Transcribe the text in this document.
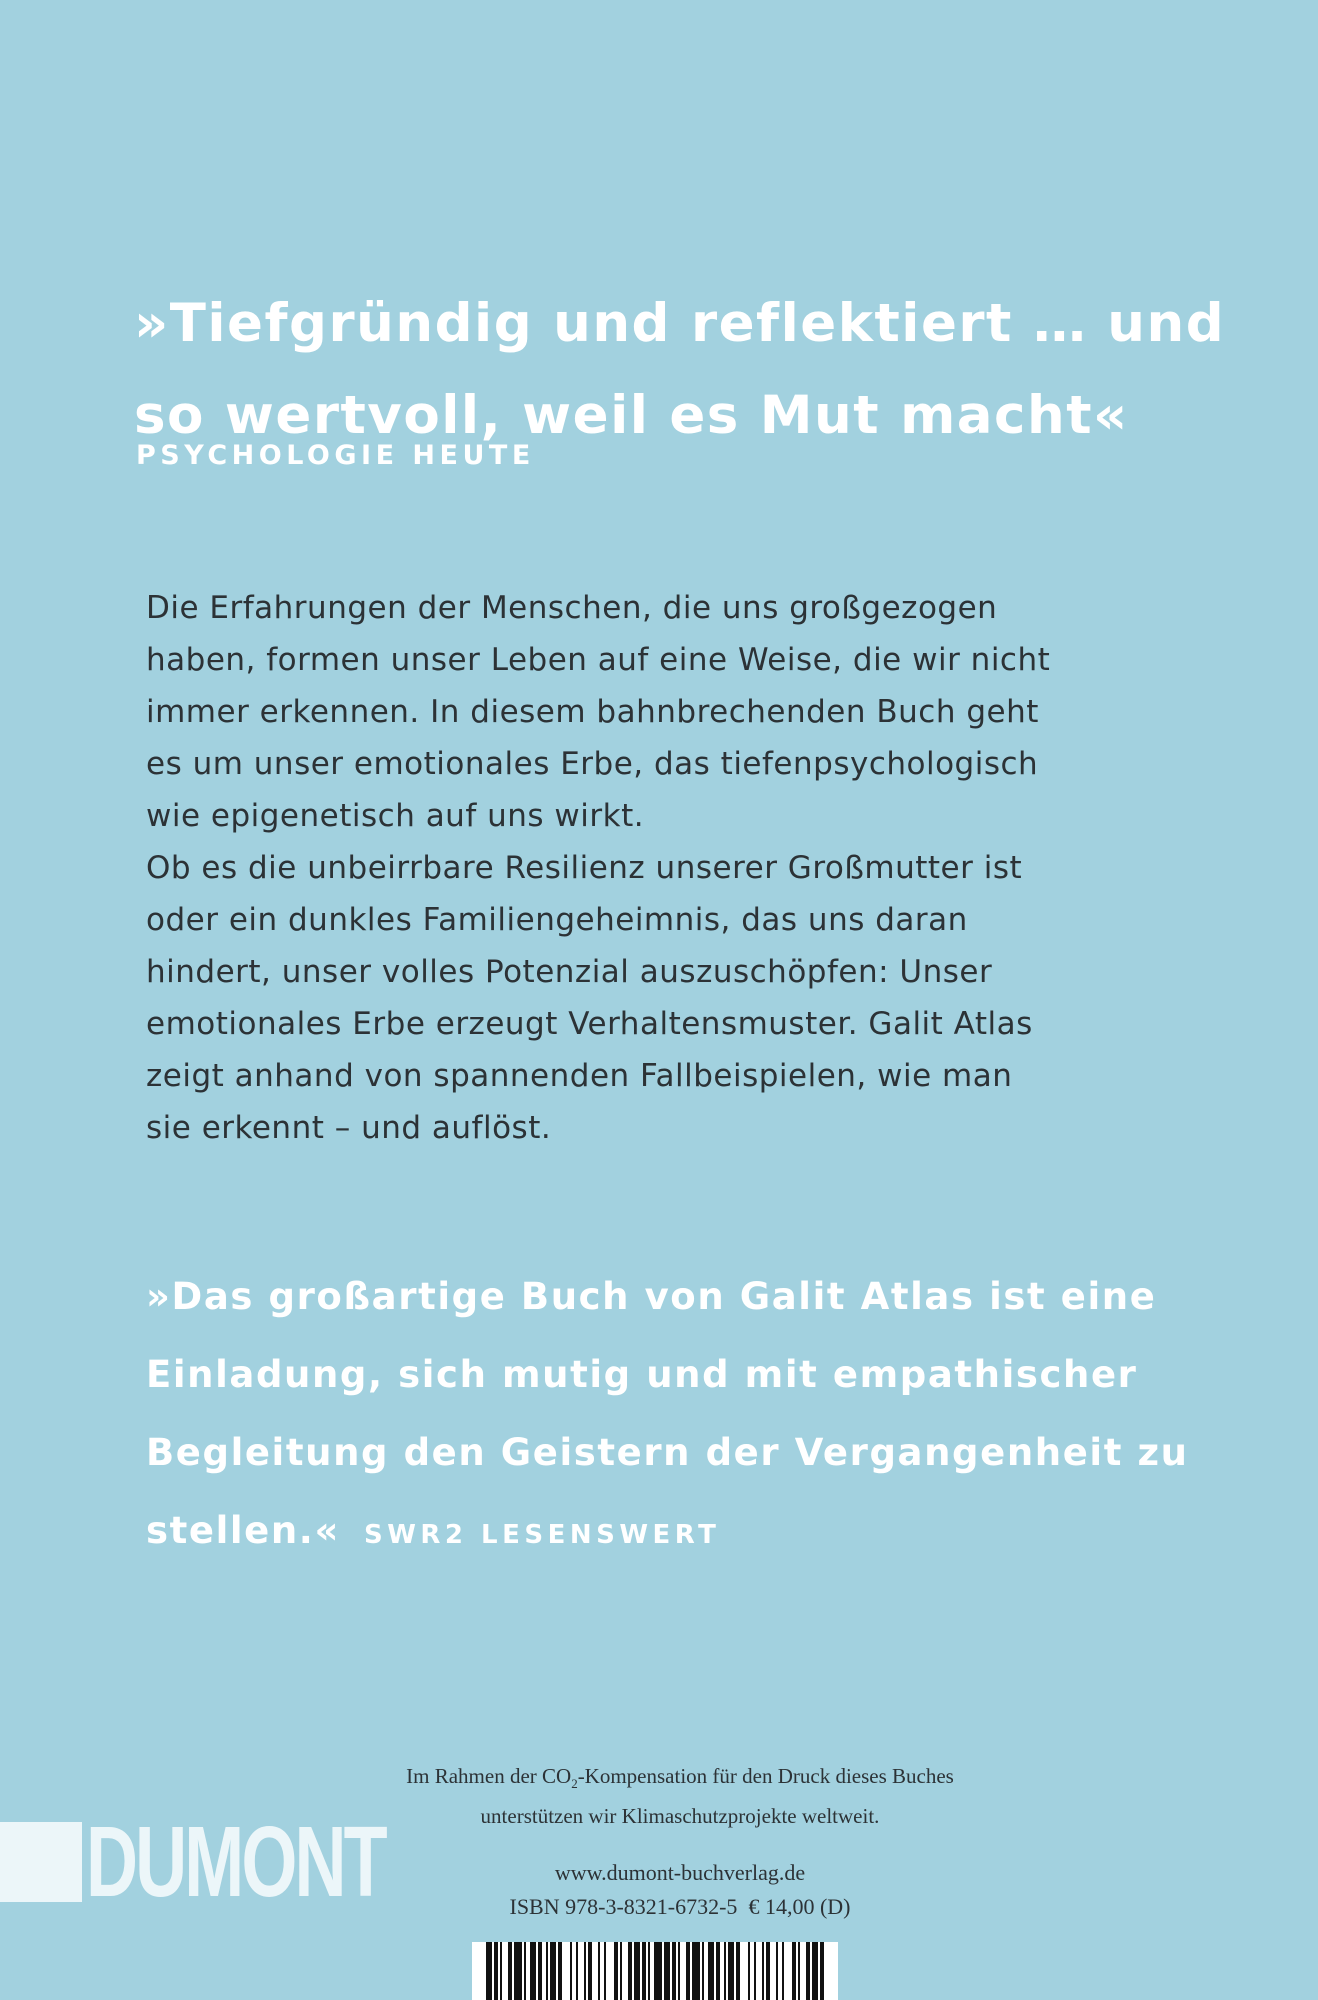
»Tiefgründig und reflektiert … und
so wertvoll, weil es Mut macht«
PSYCHOLOGIE HEUTE
Die Erfahrungen der Menschen, die uns großgezogen
haben, formen unser Leben auf eine Weise, die wir nicht
immer erkennen. In diesem bahnbrechenden Buch geht
es um unser emotionales Erbe, das tiefenpsychologisch
wie epigenetisch auf uns wirkt.
Ob es die unbeirrbare Resilienz unserer Großmutter ist
oder ein dunkles Familiengeheimnis, das uns daran
hindert, unser volles Potenzial auszuschöpfen: Unser
emotionales Erbe erzeugt Verhaltensmuster. Galit Atlas
zeigt anhand von spannenden Fallbeispielen, wie man
sie erkennt – und auflöst.
»Das großartige Buch von Galit Atlas ist eine
Einladung, sich mutig und mit empathischer
Begleitung den Geistern der Vergangenheit zu
stellen.« SWR2 LESENSWERT
Im Rahmen der $CO_2$-Kompensation für den Druck dieses Buches
unterstützen wir Klimaschutzprojekte weltweit.
DUMONT	www.dumont-buchverlag.de
ISBN 978-3-8321-6732-5 € 14,00 (D)
